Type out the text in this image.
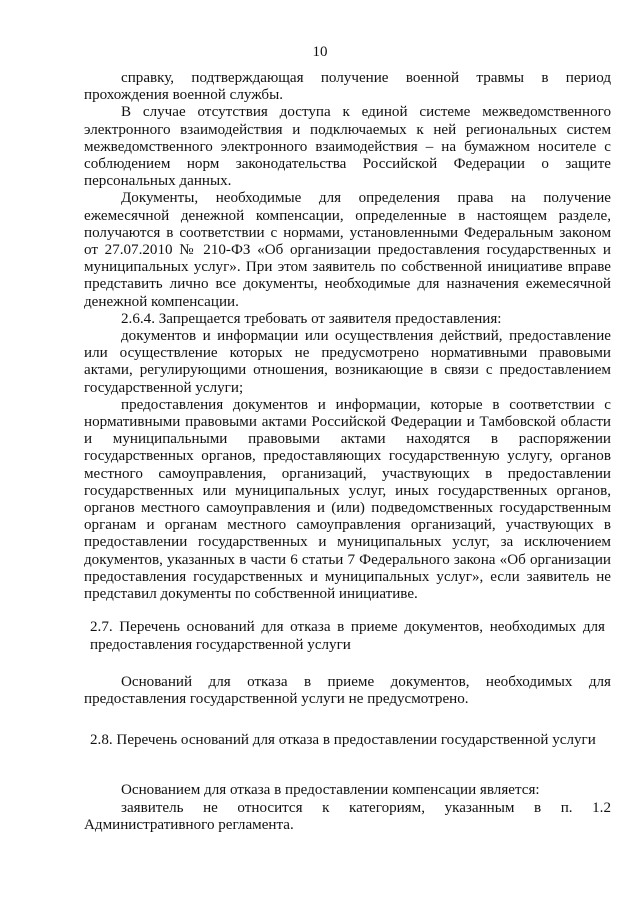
10

справку, подтверждающая получение военной травмы в период прохождения военной службы.

В случае отсутствия доступа к единой системе межведомственного электронного взаимодействия и подключаемых к ней региональных систем межведомственного электронного взаимодействия – на бумажном носителе с соблюдением норм законодательства Российской Федерации о защите персональных данных.

Документы, необходимые для определения права на получение ежемесячной денежной компенсации, определенные в настоящем разделе, получаются в соответствии с нормами, установленными Федеральным законом от 27.07.2010 № 210-ФЗ «Об организации предоставления государственных и муниципальных услуг». При этом заявитель по собственной инициативе вправе представить лично все документы, необходимые для назначения ежемесячной денежной компенсации.

2.6.4. Запрещается требовать от заявителя предоставления:

документов и информации или осуществления действий, предоставление или осуществление которых не предусмотрено нормативными правовыми актами, регулирующими отношения, возникающие в связи с предоставлением государственной услуги;

предоставления документов и информации, которые в соответствии с нормативными правовыми актами Российской Федерации и Тамбовской области и муниципальными правовыми актами находятся в распоряжении государственных органов, предоставляющих государственную услугу, органов местного самоуправления, организаций, участвующих в предоставлении государственных или муниципальных услуг, иных государственных органов, органов местного самоуправления и (или) подведомственных государственным органам и органам местного самоуправления организаций, участвующих в предоставлении государственных и муниципальных услуг, за исключением документов, указанных в части 6 статьи 7 Федерального закона «Об организации предоставления государственных и муниципальных услуг», если заявитель не представил документы по собственной инициативе.

2.7. Перечень оснований для отказа в приеме документов, необходимых для предоставления государственной услуги

Оснований для отказа в приеме документов, необходимых для предоставления государственной услуги не предусмотрено.

2.8. Перечень оснований для отказа в предоставлении государственной услуги

Основанием для отказа в предоставлении компенсации является:

заявитель не относится к категориям, указанным в п. 1.2 Административного регламента.
